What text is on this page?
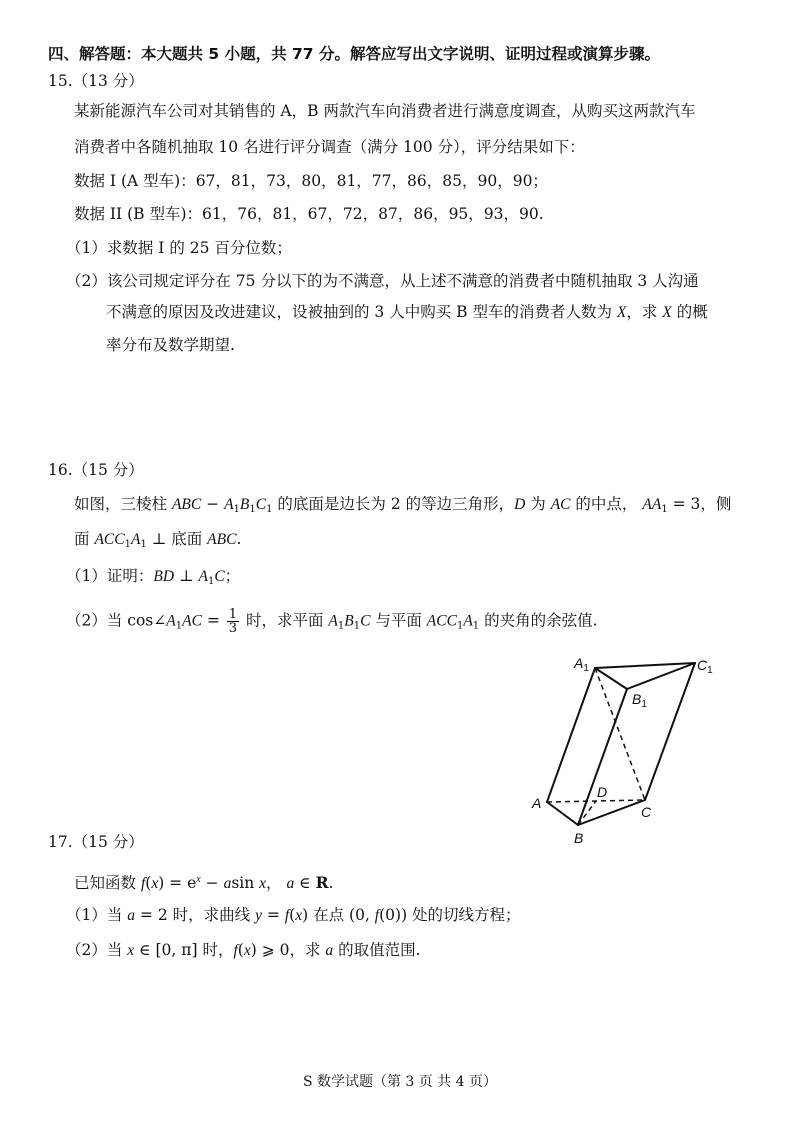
四、解答题：本大题共 5 小题，共 77 分。解答应写出文字说明、证明过程或演算步骤。
15.（13 分）
某新能源汽车公司对其销售的 A，B 两款汽车向消费者进行满意度调查，从购买这两款汽车
消费者中各随机抽取 10 名进行评分调查（满分 100 分），评分结果如下：
数据 I (A 型车)：67，81，73，80，81，77，86，85，90，90；
数据 II (B 型车)：61，76，81，67，72，87，86，95，93，90.
（1）求数据 I 的 25 百分位数；
（2）该公司规定评分在 75 分以下的为不满意，从上述不满意的消费者中随机抽取 3 人沟通
不满意的原因及改进建议，设被抽到的 3 人中购买 B 型车的消费者人数为 X，求 X 的概
率分布及数学期望.
16.（15 分）
如图，三棱柱 ABC − $A_1B_1C_1$ 的底面是边长为 2 的等边三角形，D 为 AC 的中点， $AA_1 = 3$，侧
面 $ACC_1A_1$ ⊥ 底面 ABC.
（1）证明：BD ⊥ $A_1C$；
（2）当 $\cos\angle A_1AC = \frac{1}{3}$ 时，求平面 $A_1B_1C$ 与平面 $ACC_1A_1$ 的夹角的余弦值.
$A_1$	$C_1$
$B_1$
A
D
C
B
17.（15 分）
已知函数 $f(x) = e^x - asin$ x， a ∈ R.
（1）当 a = 2 时，求曲线 y = f(x) 在点 (0, f(0)) 处的切线方程；
（2）当 x ∈ [0, π] 时，f(x) ⩾ 0，求 a 的取值范围.
S 数学试题（第 3 页 共 4 页）
